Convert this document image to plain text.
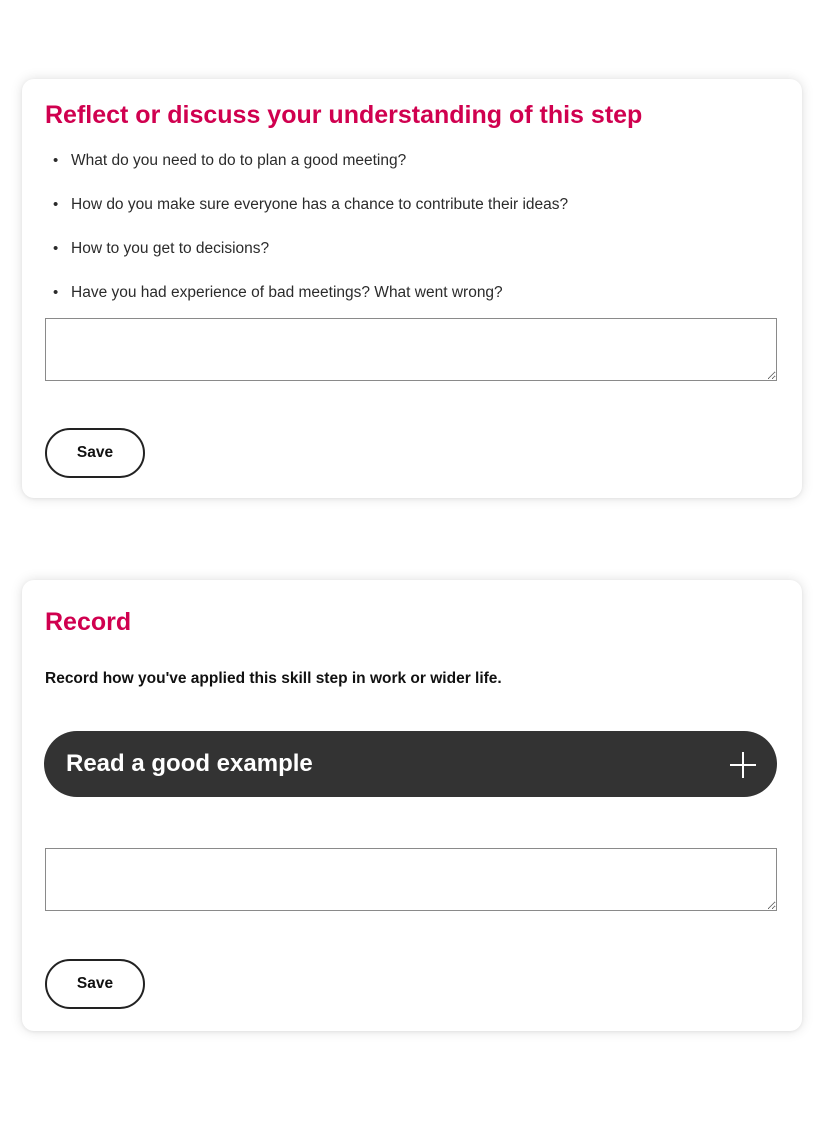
Reflect or discuss your understanding of this step
• What do you need to do to plan a good meeting?
• How do you make sure everyone has a chance to contribute their ideas?
• How to you get to decisions?
• Have you had experience of bad meetings? What went wrong?
Save
Record

Record how you've applied this skill step in work or wider life.

Read a good example
Save
